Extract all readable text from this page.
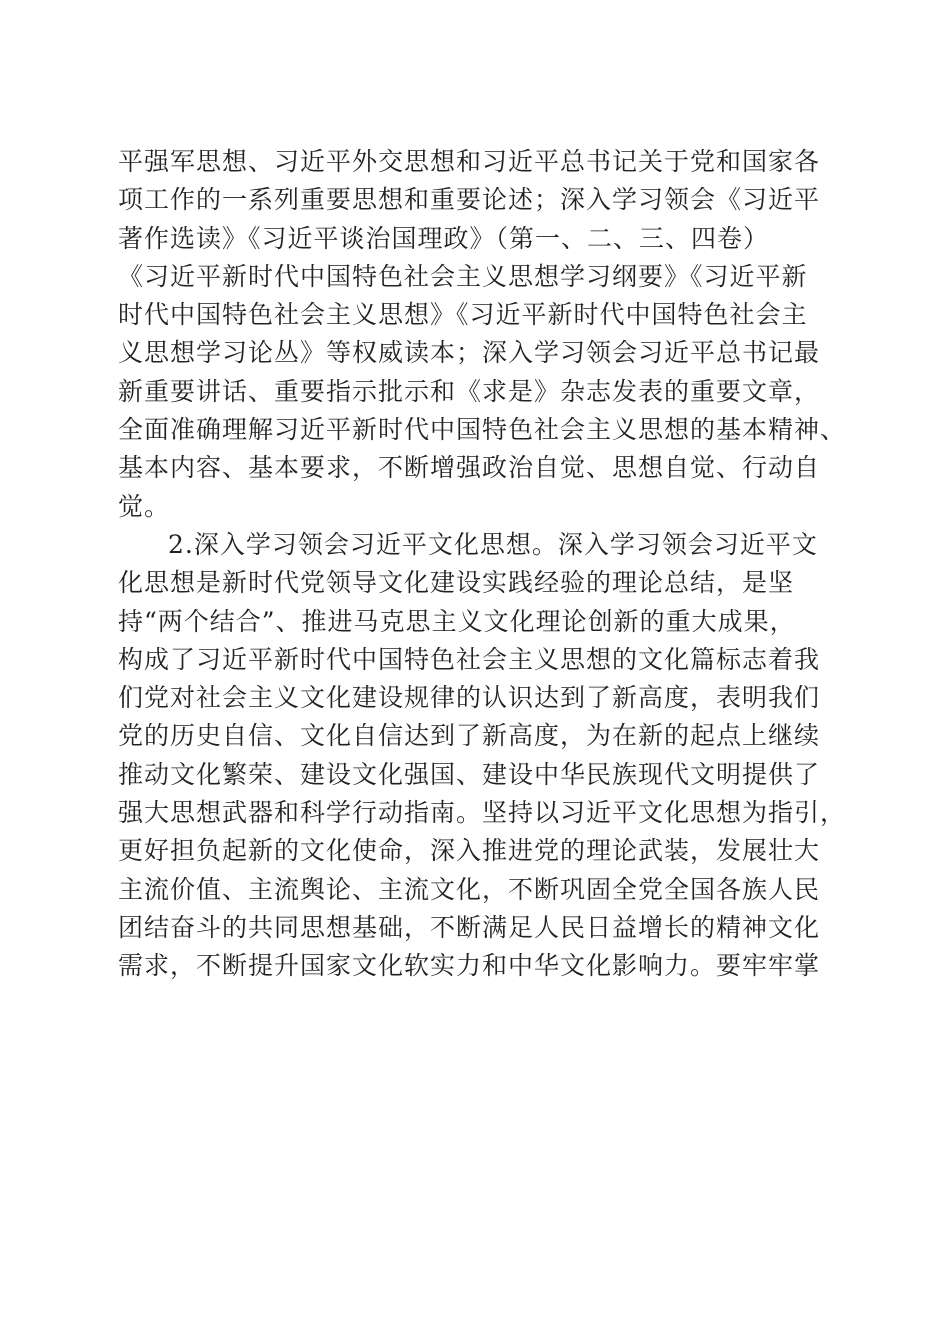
平强军思想、习近平外交思想和习近平总书记关于党和国家各
项工作的一系列重要思想和重要论述；深入学习领会《习近平
著作选读》《习近平谈治国理政》（第一、二、三、四卷）
《习近平新时代中国特色社会主义思想学习纲要》《习近平新
时代中国特色社会主义思想》《习近平新时代中国特色社会主
义思想学习论丛》等权威读本；深入学习领会习近平总书记最
新重要讲话、重要指示批示和《求是》杂志发表的重要文章，
全面准确理解习近平新时代中国特色社会主义思想的基本精神、
基本内容、基本要求，不断增强政治自觉、思想自觉、行动自
觉。
2.深入学习领会习近平文化思想。深入学习领会习近平文
化思想是新时代党领导文化建设实践经验的理论总结，是坚
持“两个结合”、推进马克思主义文化理论创新的重大成果，
构成了习近平新时代中国特色社会主义思想的文化篇标志着我
们党对社会主义文化建设规律的认识达到了新高度，表明我们
党的历史自信、文化自信达到了新高度，为在新的起点上继续
推动文化繁荣、建设文化强国、建设中华民族现代文明提供了
强大思想武器和科学行动指南。坚持以习近平文化思想为指引，
更好担负起新的文化使命，深入推进党的理论武装，发展壮大
主流价值、主流舆论、主流文化，不断巩固全党全国各族人民
团结奋斗的共同思想基础，不断满足人民日益增长的精神文化
需求，不断提升国家文化软实力和中华文化影响力。要牢牢掌
